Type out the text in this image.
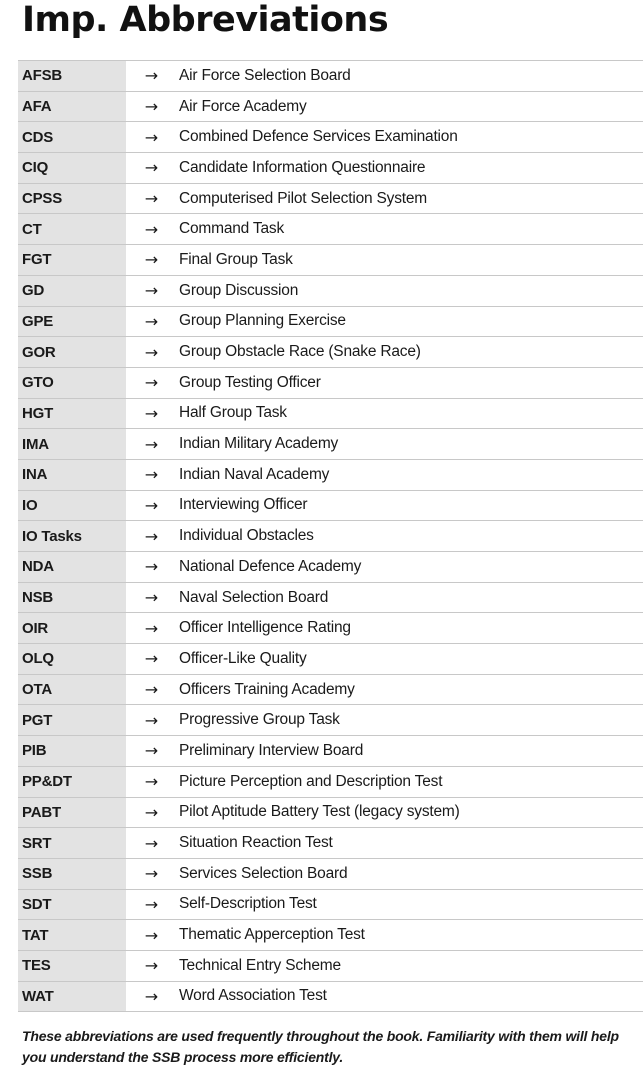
Imp. Abbreviations
AFSB	→	Air Force Selection Board
AFA	→	Air Force Academy
CDS	→	Combined Defence Services Examination
CIQ	→	Candidate Information Questionnaire
CPSS	→	Computerised Pilot Selection System
CT	→	Command Task
FGT	→	Final Group Task
GD	→	Group Discussion
GPE	→	Group Planning Exercise
GOR	→	Group Obstacle Race (Snake Race)
GTO	→	Group Testing Officer
HGT	→	Half Group Task
IMA	→	Indian Military Academy
INA	→	Indian Naval Academy
IO	→	Interviewing Officer
IO Tasks	→	Individual Obstacles
NDA	→	National Defence Academy
NSB	→	Naval Selection Board
OIR	→	Officer Intelligence Rating
OLQ	→	Officer-Like Quality
OTA	→	Officers Training Academy
PGT	→	Progressive Group Task
PIB	→	Preliminary Interview Board
PP&DT	→	Picture Perception and Description Test
PABT	→	Pilot Aptitude Battery Test (legacy system)
SRT	→	Situation Reaction Test
SSB	→	Services Selection Board
SDT	→	Self-Description Test
TAT	→	Thematic Apperception Test
TES	→	Technical Entry Scheme
WAT	→	Word Association Test

These abbreviations are used frequently throughout the book. Familiarity with them will help you understand the SSB process more efficiently.
